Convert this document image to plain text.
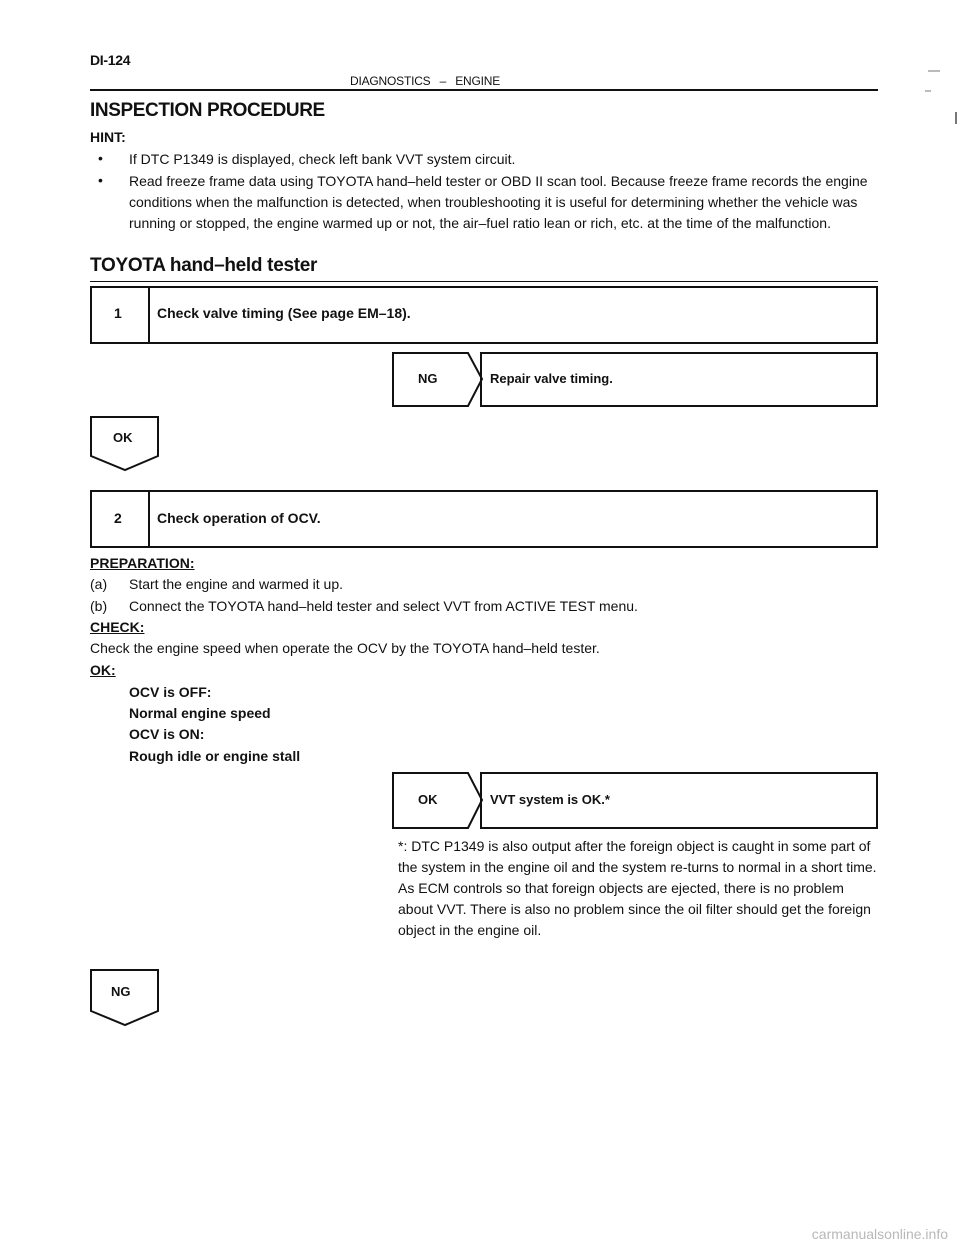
DI-124
DIAGNOSTICS – ENGINE
INSPECTION PROCEDURE
HINT:
• If DTC P1349 is displayed, check left bank VVT system circuit.
• Read freeze frame data using TOYOTA hand–held tester or OBD II scan tool. Because freeze frame records the engine conditions when the malfunction is detected, when troubleshooting it is useful for determining whether the vehicle was running or stopped, the engine warmed up or not, the air–fuel ratio lean or rich, etc. at the time of the malfunction.
TOYOTA hand–held tester
1	Check valve timing (See page EM–18).
NG	Repair valve timing.
OK
2	Check operation of OCV.
PREPARATION:
(a) Start the engine and warmed it up.
(b) Connect the TOYOTA hand–held tester and select VVT from ACTIVE TEST menu.
CHECK:
Check the engine speed when operate the OCV by the TOYOTA hand–held tester.
OK:
OCV is OFF:
Normal engine speed
OCV is ON:
Rough idle or engine stall
OK	VVT system is OK.*
*: DTC P1349 is also output after the foreign object is caught in some part of the system in the engine oil and the system re-turns to normal in a short time. As ECM controls so that foreign objects are ejected, there is no problem about VVT. There is also no problem since the oil filter should get the foreign object in the engine oil.
NG
carmanualsonline.info
